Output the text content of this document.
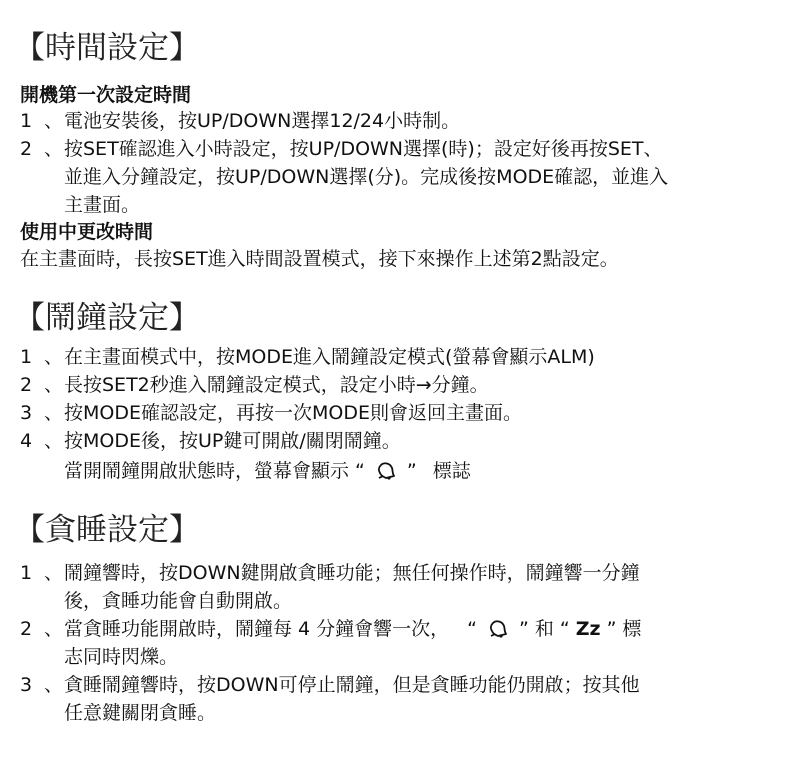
【時間設定】
開機第一次設定時間
1 、電池安裝後，按UP/DOWN選擇12/24小時制。
2 、按SET確認進入小時設定，按UP/DOWN選擇(時)；設定好後再按SET、
並進入分鐘設定，按UP/DOWN選擇(分)。完成後按MODE確認，並進入
主畫面。
使用中更改時間
在主畫面時，長按SET進入時間設置模式，接下來操作上述第2點設定。
【鬧鐘設定】
1 、在主畫面模式中，按MODE進入鬧鐘設定模式(螢幕會顯示ALM)
2 、長按SET2秒進入鬧鐘設定模式，設定小時→分鐘。
3 、按MODE確認設定，再按一次MODE則會返回主畫面。
4 、按MODE後，按UP鍵可開啟/關閉鬧鐘。
當開鬧鐘開啟狀態時，螢幕會顯示 “ ” 標誌
【貪睡設定】
1 、鬧鐘響時，按DOWN鍵開啟貪睡功能；無任何操作時，鬧鐘響一分鐘
後，貪睡功能會自動開啟。
2 、當貪睡功能開啟時，鬧鐘每 4 分鐘會響一次， “ ” 和 “ Zz ” 標
志同時閃爍。
3 、貪睡鬧鐘響時，按DOWN可停止鬧鐘，但是貪睡功能仍開啟；按其他
任意鍵關閉貪睡。
